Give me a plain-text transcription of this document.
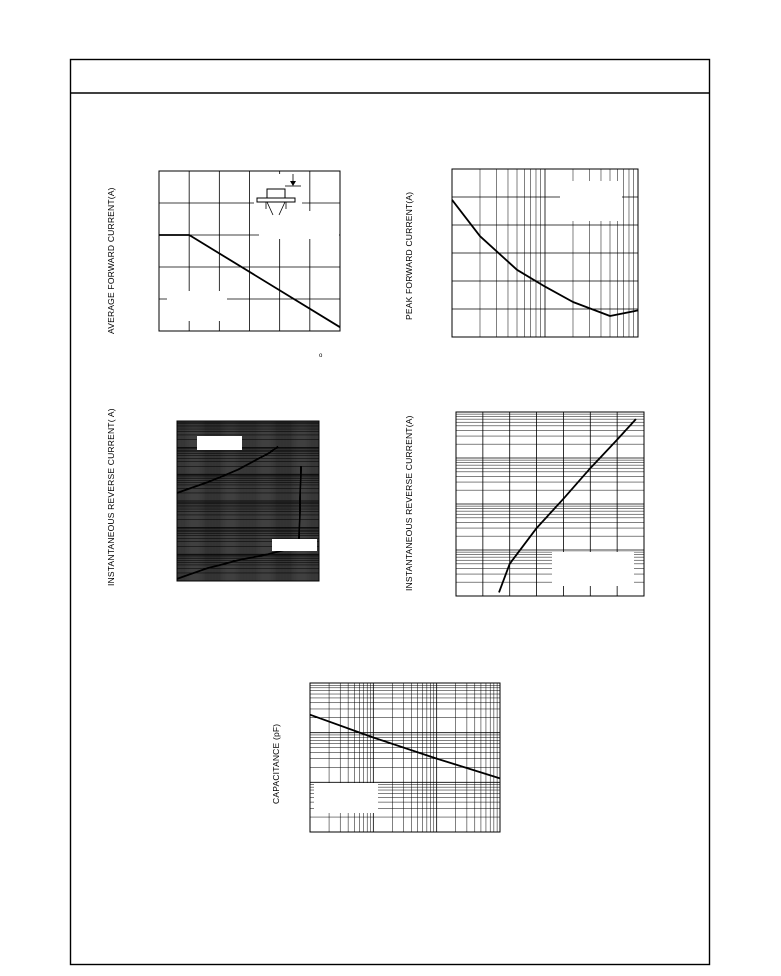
AVERAGE FORWARD CURRENT(A)	PEAK FORWARD CURRENT(A)
INSTANTANEOUS REVERSE CURRENT( A)	INSTANTANEOUS REVERSE CURRENT(A)
CAPACITANCE (pF)
o
